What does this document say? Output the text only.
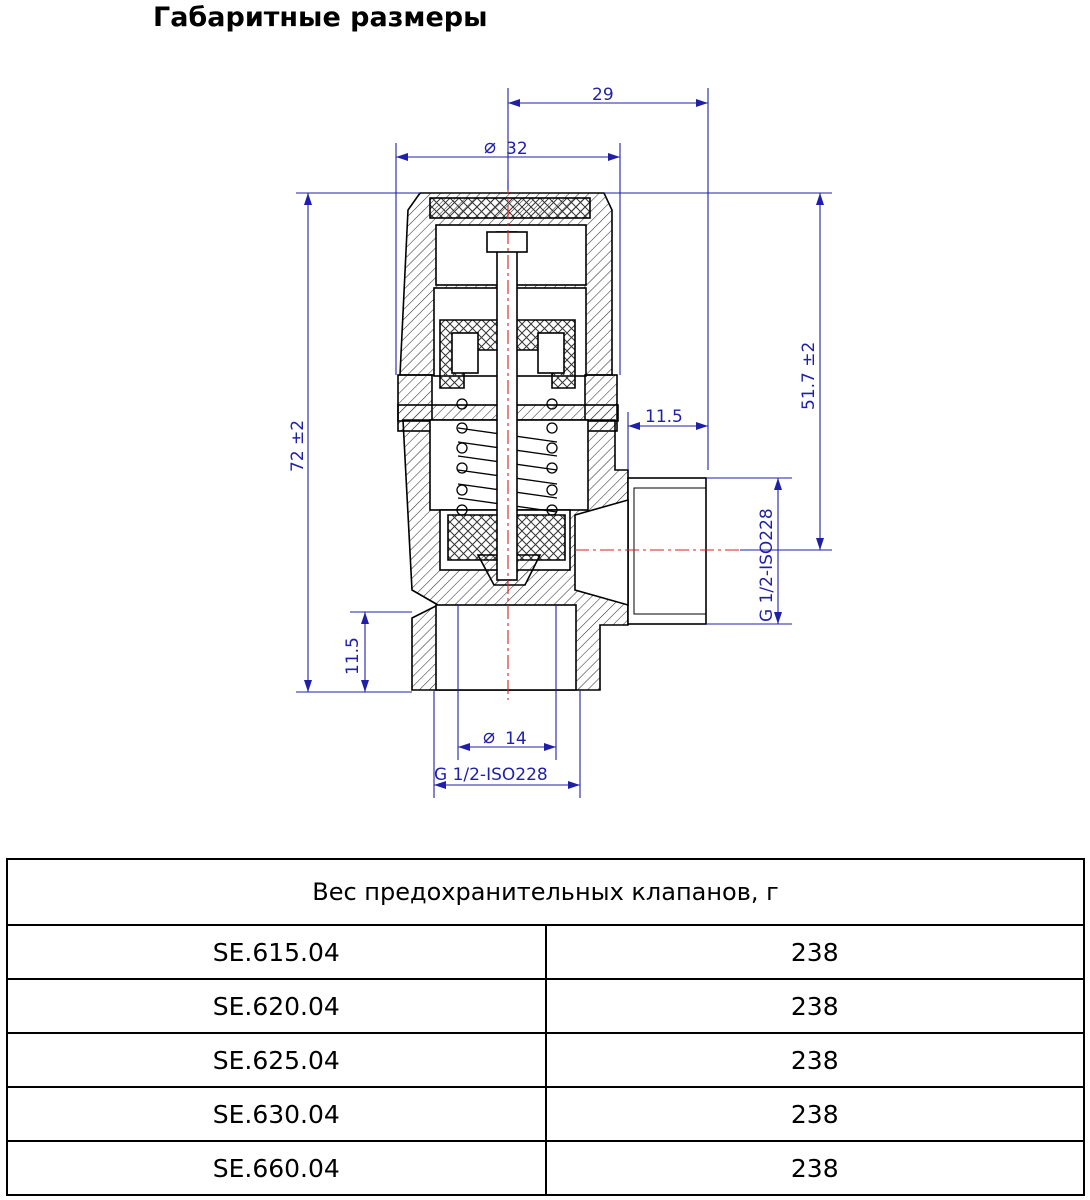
Габаритные размеры
29
⌀ 32
72 ±2
51.7 ±2
11.5
G 1/2-ISO228
11.5
⌀ 14
G 1/2-ISO228
Вес предохранительных клапанов, г	
SE.615.04	238
SE.620.04	238
SE.625.04	238
SE.630.04	238
SE.660.04	238
